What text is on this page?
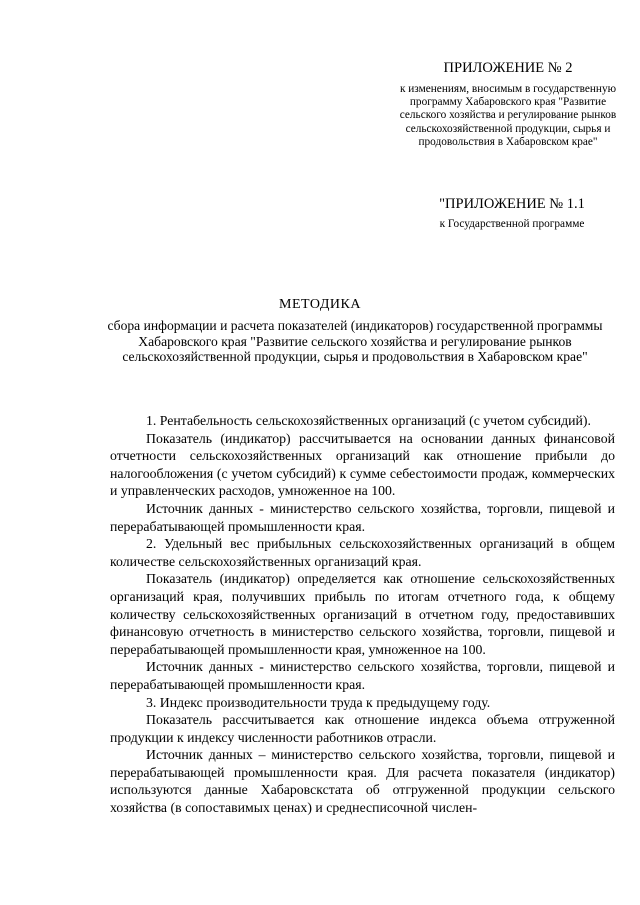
ПРИЛОЖЕНИЕ № 2
к изменениям, вносимым в государственную программу Хабаровского края "Развитие сельского хозяйства и регулирование рынков сельскохозяйственной продукции, сырья и продовольствия в Хабаровском крае"
"ПРИЛОЖЕНИЕ № 1.1
к Государственной программе
МЕТОДИКА
сбора информации и расчета показателей (индикаторов) государственной программы Хабаровского края "Развитие сельского хозяйства и регулирование рынков сельскохозяйственной продукции, сырья и продовольствия в Хабаровском крае"

1. Рентабельность сельскохозяйственных организаций (с учетом субсидий).

Показатель (индикатор) рассчитывается на основании данных финансовой отчетности сельскохозяйственных организаций как отношение прибыли до налогообложения (с учетом субсидий) к сумме себестоимости продаж, коммерческих и управленческих расходов, умноженное на 100.

Источник данных - министерство сельского хозяйства, торговли, пищевой и перерабатывающей промышленности края.

2. Удельный вес прибыльных сельскохозяйственных организаций в общем количестве сельскохозяйственных организаций края.

Показатель (индикатор) определяется как отношение сельскохозяйственных организаций края, получивших прибыль по итогам отчетного года, к общему количеству сельскохозяйственных организаций в отчетном году, предоставивших финансовую отчетность в министерство сельского хозяйства, торговли, пищевой и перерабатывающей промышленности края, умноженное на 100.

Источник данных - министерство сельского хозяйства, торговли, пищевой и перерабатывающей промышленности края.

3. Индекс производительности труда к предыдущему году.

Показатель рассчитывается как отношение индекса объема отгруженной продукции к индексу численности работников отрасли.

Источник данных – министерство сельского хозяйства, торговли, пищевой и перерабатывающей промышленности края. Для расчета показателя (индикатор) используются данные Хабаровскстата об отгруженной продукции сельского хозяйства (в сопоставимых ценах) и среднесписочной числен-
